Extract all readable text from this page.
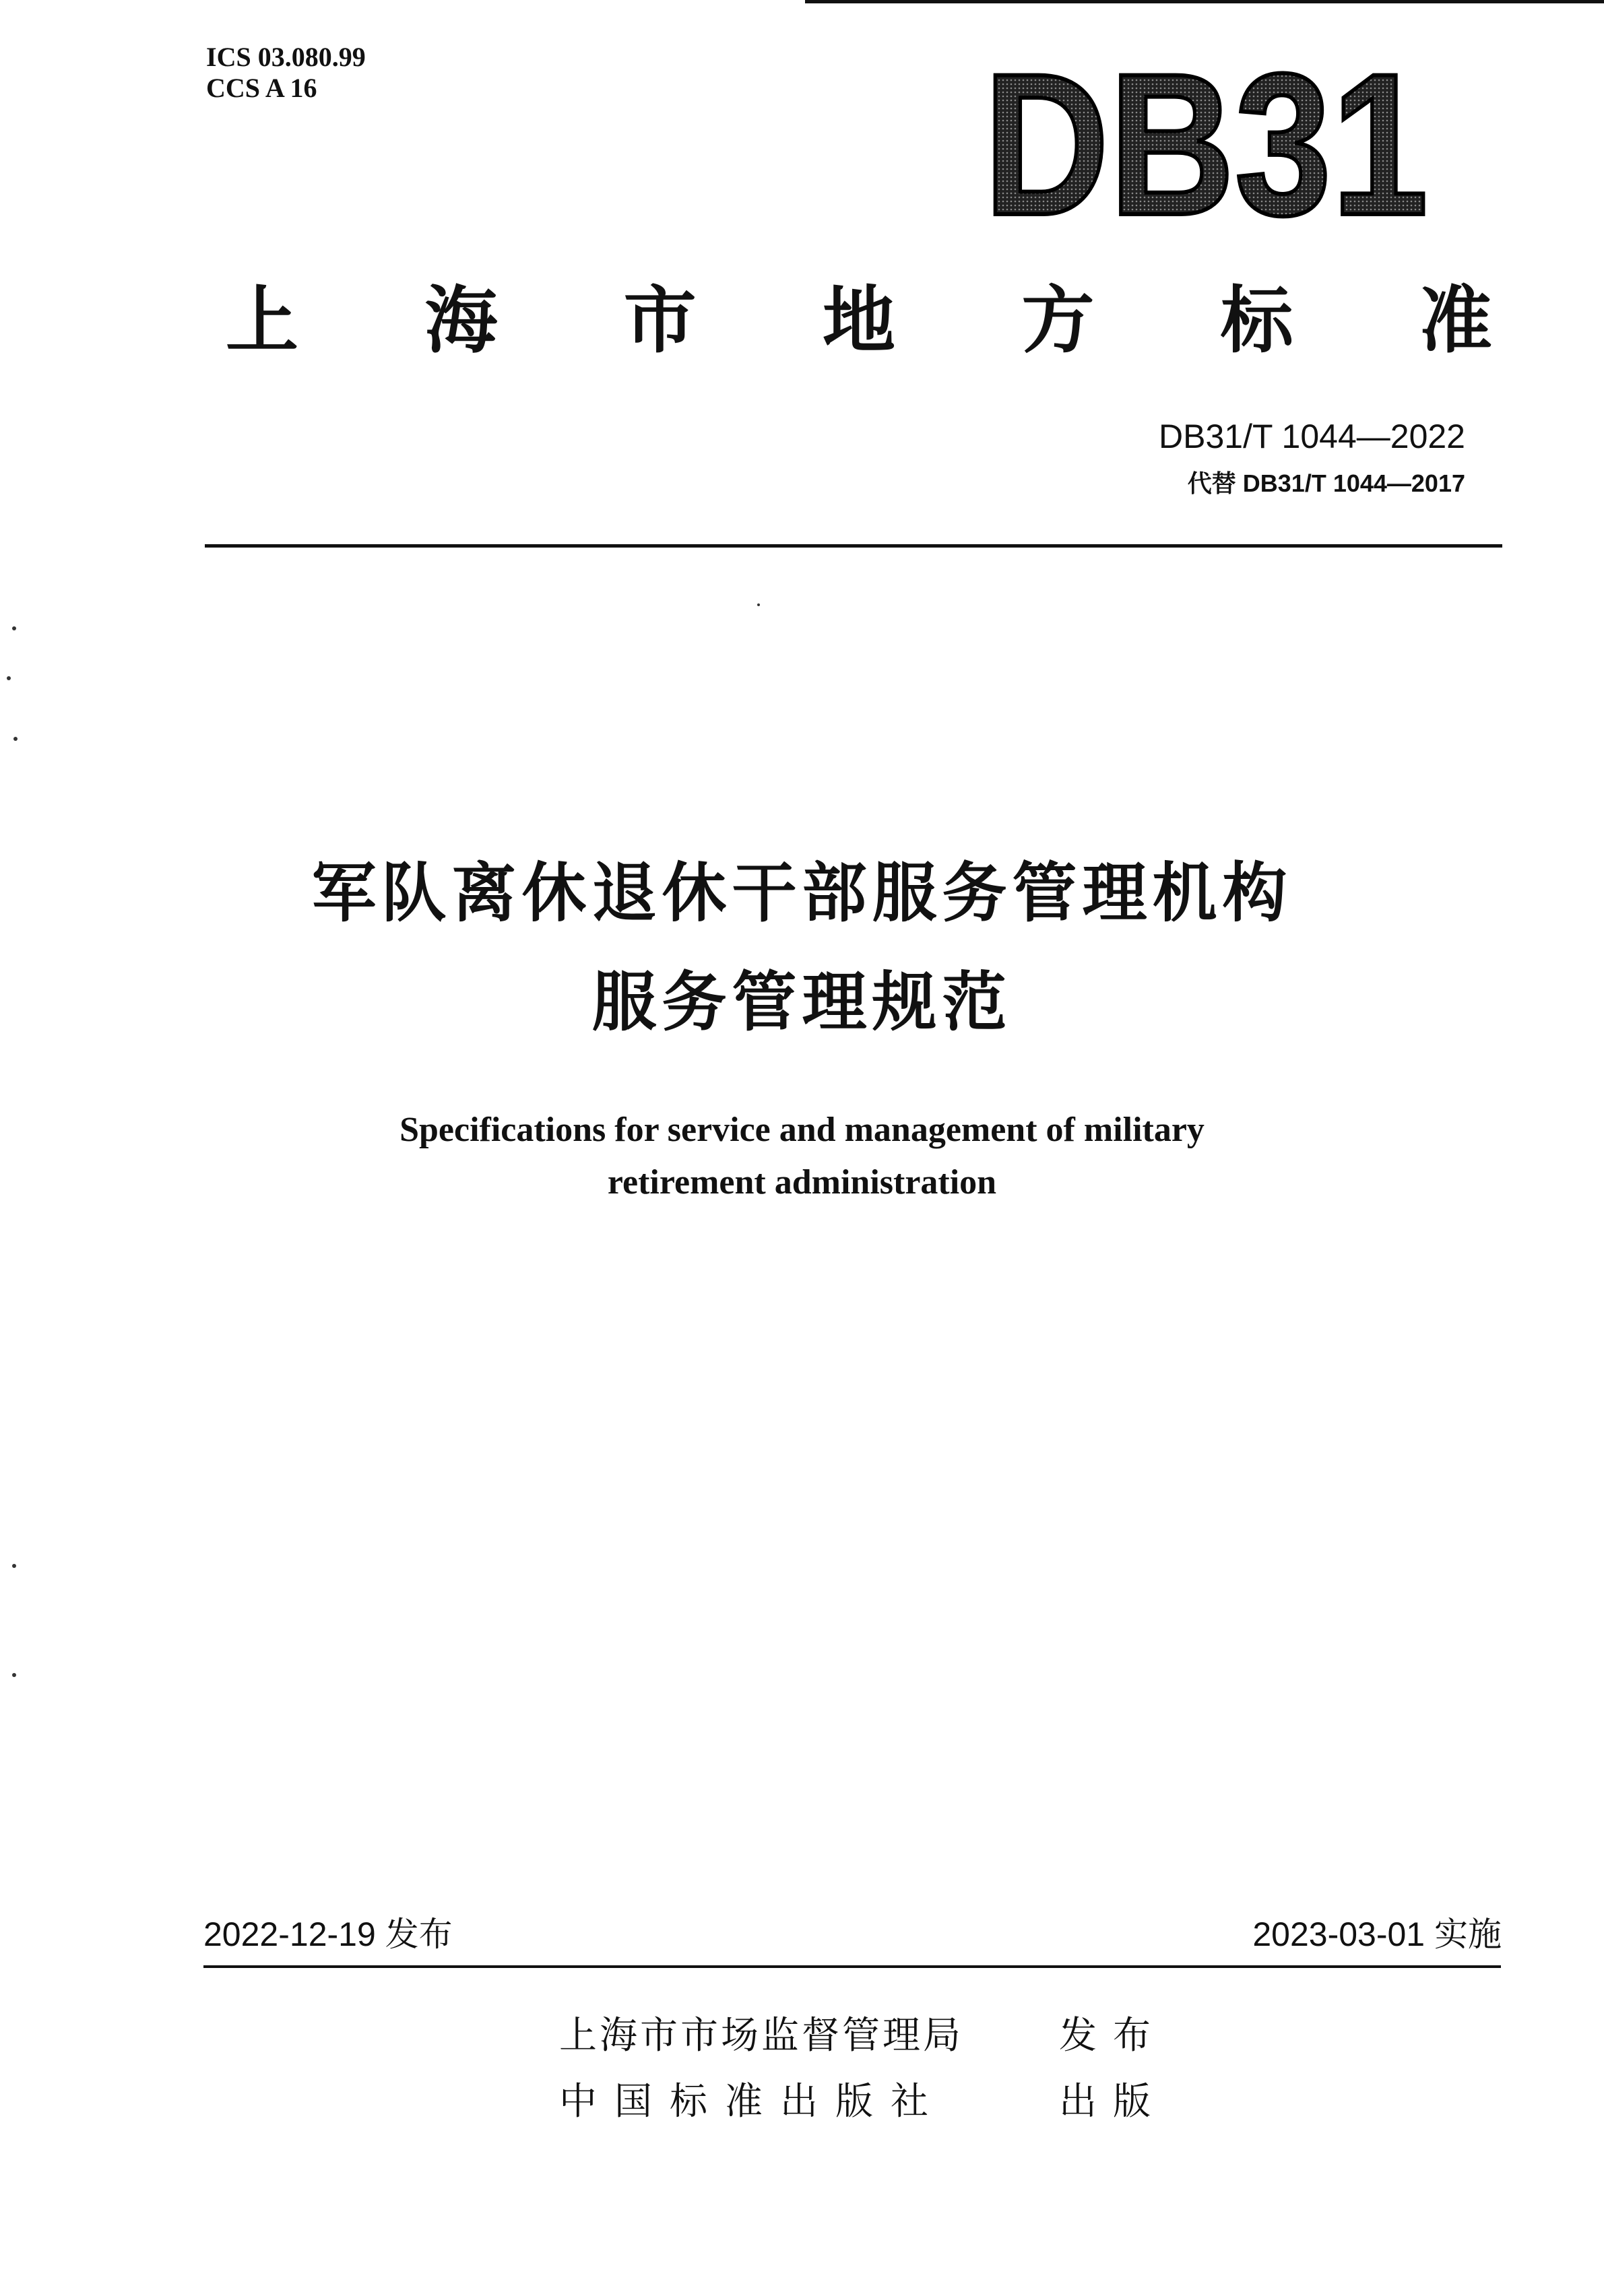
ICS 03.080.99
CCS A 16	DB31
上 海 市 地 方 标 准
DB31/T 1044—2022
代替 DB31/T 1044—2017
军队离休退休干部服务管理机构
服务管理规范
Specifications for service and management of military
retirement administration
2022-12-19 发布	2023-03-01 实施
上海市市场监督管理局	发布
中国标准出版社	出版
